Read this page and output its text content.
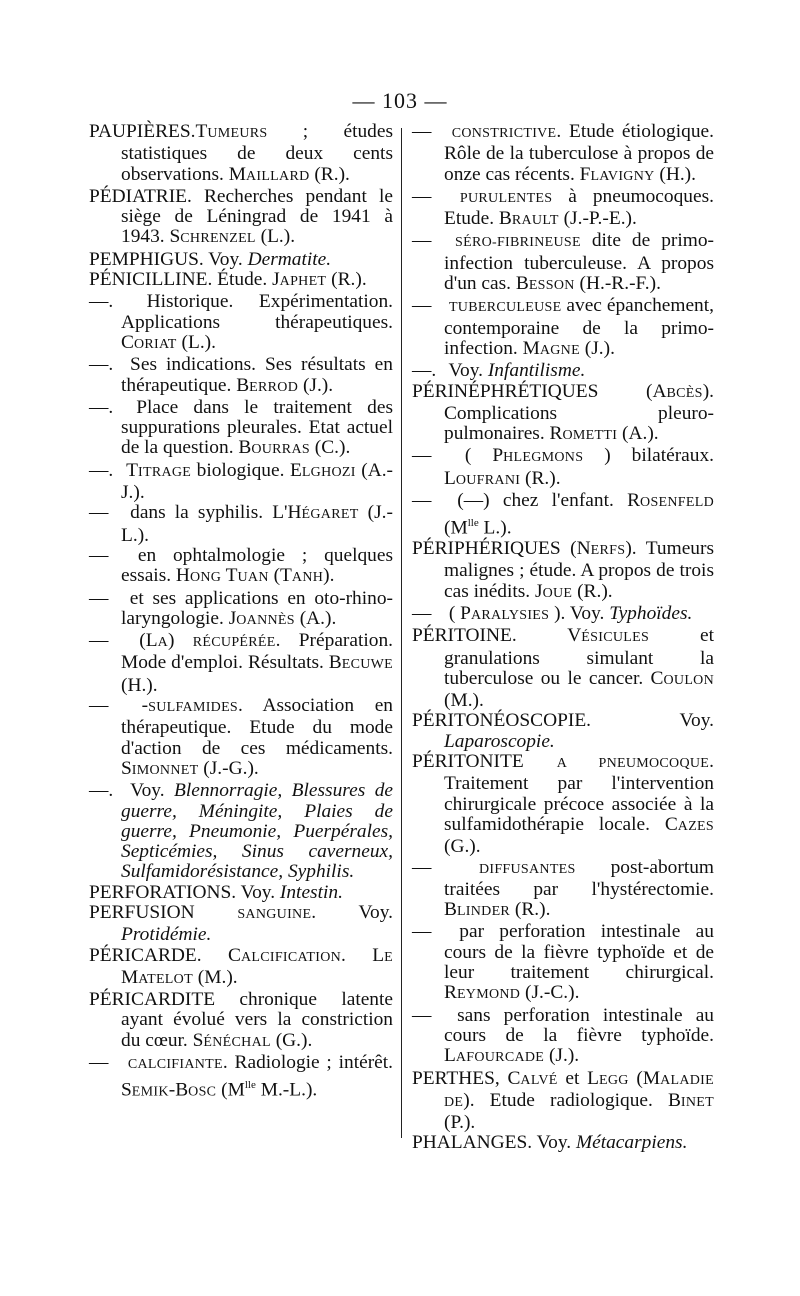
— 103 —
PAUPIÈRES.TUMEURS ; études statistiques de deux cents observations. MAILLARD (R.).
PÉDIATRIE. Recherches pendant le siège de Léningrad de 1941 à 1943. SCHRENZEL (L.).
PEMPHIGUS. Voy. Dermatite.
PÉNICILLINE. Étude. JAPHET (R.).
—. Historique. Expérimentation. Applications thérapeutiques. CORIAT (L.).
—. Ses indications. Ses résultats en thérapeutique. BERROD (J.).
—. Place dans le traitement des suppurations pleurales. Etat actuel de la question. BOURRAS (C.).
—. TITRAGE biologique. ELGHOZI (A.-J.).
— dans la syphilis. L'HÉGARET (J.-L.).
— en ophtalmologie ; quelques essais. HONG TUAN (TANH).
— et ses applications en oto-rhino-laryngologie. JOANNÈS (A.).
— (LA) RÉCUPÉRÉE. Préparation. Mode d'emploi. Résultats. BECUWE (H.).
— -SULFAMIDES. Association en thérapeutique. Etude du mode d'action de ces médicaments. SIMONNET (J.-G.).
—. Voy. Blennorragie, Blessures de guerre, Méningite, Plaies de guerre, Pneumonie, Puerpérales, Septicémies, Sinus caverneux, Sulfamidorésistance, Syphilis.
PERFORATIONS. Voy. Intestin.
PERFUSION	SANGUINE. Voy. Protidémie.
PÉRICARDE. CALCIFICATION. LE MATELOT (M.).
PÉRICARDITE chronique latente ayant évolué vers la constriction du cœur. SÉNÉCHAL (G.).
— CALCIFIANTE. Radiologie ; intérêt. SEMIK-BOSC ($M^{lle}$ M.-L.).
— CONSTRICTIVE. Etude étiologique. Rôle de la tuberculose à propos de onze cas récents. FLAVIGNY (H.).
— PURULENTES à pneumocoques. Etude. BRAULT (J.-P.-E.).
— SÉRO-FIBRINEUSE dite de primo-infection tuberculeuse. A propos d'un cas. BESSON (H.-R.-F.).
— TUBERCULEUSE avec épanchement, contemporaine de la primo-infection. MAGNE (J.).
—. Voy. Infantilisme.
PÉRINÉPHRÉTIQUES (ABCÈS). Complications pleuro-pulmonaires. ROMETTI (A.).
— ( PHLEGMONS ) bilatéraux. LOUFRANI (R.).
— (—) chez l'enfant. ROSENFELD ($M^{lle}$ L.).
PÉRIPHÉRIQUES (NERFS). Tumeurs malignes ; étude. A propos de trois cas inédits. JOUE (R.).
— ( PARALYSIES ). Voy. Typhoïdes.
PÉRITOINE. VÉSICULES et granulations simulant la tuberculose ou le cancer. COULON (M.).
PÉRITONÉOSCOPIE. Voy. Laparoscopie.
PÉRITONITE A PNEUMOCOQUE. Traitement par l'intervention chirurgicale précoce associée à la sulfamidothérapie locale. CAZES (G.).
—	DIFFUSANTES post-abortum traitées par l'hystérectomie. BLINDER (R.).
— par perforation intestinale au cours de la fièvre typhoïde et de leur traitement chirurgical. REYMOND (J.-C.).
— sans perforation intestinale au cours de la fièvre typhoïde. LAFOURCADE (J.).
PERTHES, CALVÉ et LEGG (MALADIE DE). Etude radiologique. BINET (P.).
PHALANGES. Voy. Métacarpiens.
